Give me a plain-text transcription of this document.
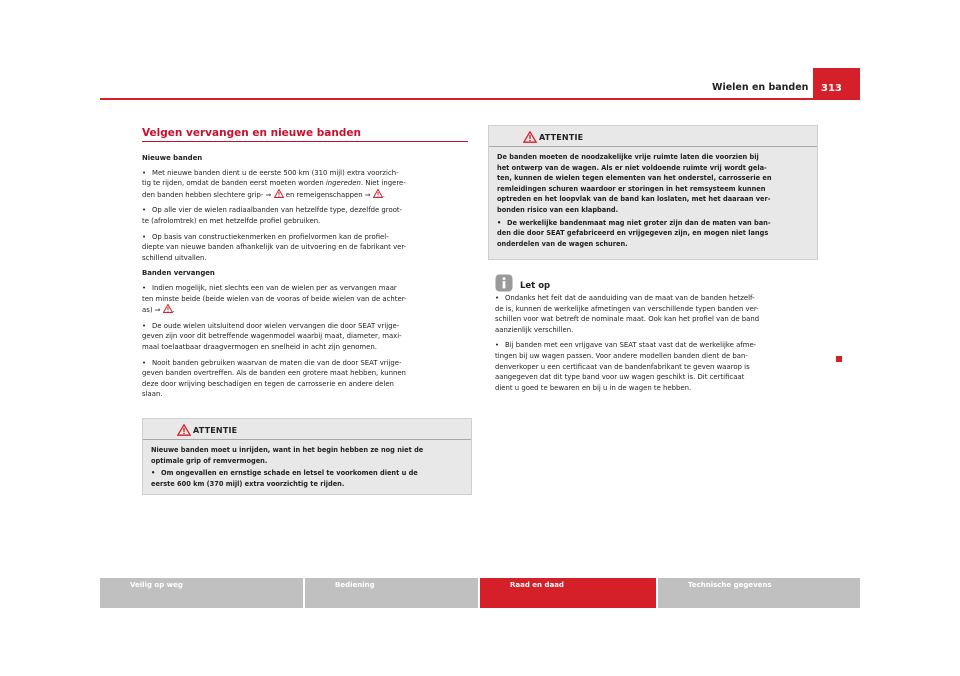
Wielen en banden	313
Velgen vervangen en nieuwe banden

Nieuwe banden

• Met nieuwe banden dient u de eerste 500 km (310 mijl) extra voorzich-
tig te rijden, omdat de banden eerst moeten worden ingereden. Niet ingere-
den banden hebben slechtere grip- ⇒  en remeigenschappen ⇒ .

• Op alle vier de wielen radiaalbanden van hetzelfde type, dezelfde groot-
te (afrolomtrek) en met hetzelfde profiel gebruiken.

• Op basis van constructiekenmerken en profielvormen kan de profiel-
diepte van nieuwe banden afhankelijk van de uitvoering en de fabrikant ver-
schillend uitvallen.

Banden vervangen

• Indien mogelijk, niet slechts een van de wielen per as vervangen maar
ten minste beide (beide wielen van de vooras of beide wielen van de achter-
as) ⇒ .

• De oude wielen uitsluitend door wielen vervangen die door SEAT vrijge-
geven zijn voor dit betreffende wagenmodel waarbij maat, diameter, maxi-
maal toelaatbaar draagvermogen en snelheid in acht zijn genomen.

• Nooit banden gebruiken waarvan de maten die van de door SEAT vrijge-
geven banden overtreffen. Als de banden een grotere maat hebben, kunnen
deze door wrijving beschadigen en tegen de carrosserie en andere delen
slaan.

ATTENTIE

Nieuwe banden moet u inrijden, want in het begin hebben ze nog niet de
optimale grip of remvermogen.

• Om ongevallen en ernstige schade en letsel te voorkomen dient u de
eerste 600 km (370 mijl) extra voorzichtig te rijden.

ATTENTIE

De banden moeten de noodzakelijke vrije ruimte laten die voorzien bij
het ontwerp van de wagen. Als er niet voldoende ruimte vrij wordt gela-
ten, kunnen de wielen tegen elementen van het onderstel, carrosserie en
remleidingen schuren waardoor er storingen in het remsysteem kunnen
optreden en het loopvlak van de band kan loslaten, met het daaraan ver-
bonden risico van een klapband.

• De werkelijke bandenmaat mag niet groter zijn dan de maten van ban-
den die door SEAT gefabriceerd en vrijgegeven zijn, en mogen niet langs
onderdelen van de wagen schuren.

Let op

• Ondanks het feit dat de aanduiding van de maat van de banden hetzelf-
de is, kunnen de werkelijke afmetingen van verschillende typen banden ver-
schillen voor wat betreft de nominale maat. Ook kan het profiel van de band
aanzienlijk verschillen.

• Bij banden met een vrijgave van SEAT staat vast dat de werkelijke afme-
tingen bij uw wagen passen. Voor andere modellen banden dient de ban-
denverkoper u een certificaat van de bandenfabrikant te geven waarop is
aangegeven dat dit type band voor uw wagen geschikt is. Dit certificaat
dient u goed te bewaren en bij u in de wagen te hebben.

Veilig op weg	Bediening	Raad en daad	Technische gegevens
